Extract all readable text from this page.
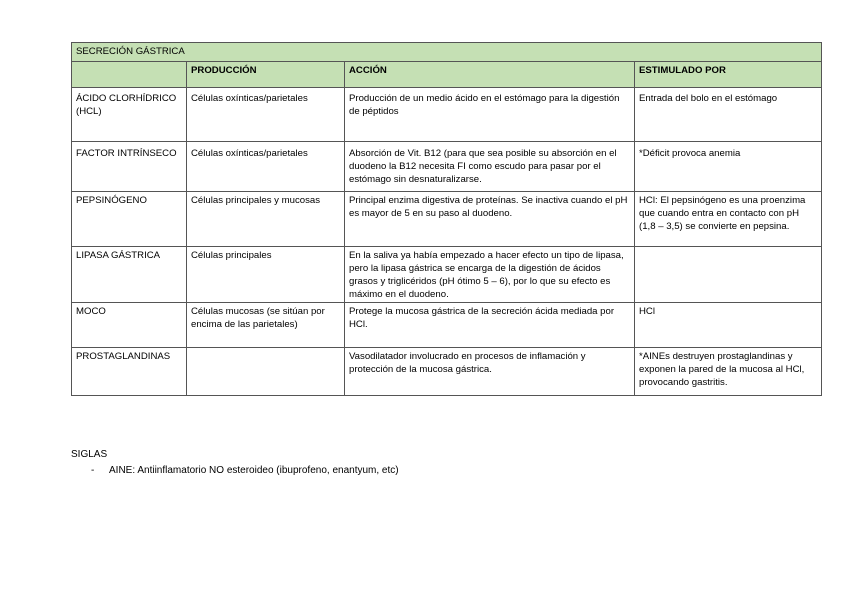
SECRECIÓN GÁSTRICA			
	PRODUCCIÓN	ACCIÓN	ESTIMULADO POR
ÁCIDO CLORHÍDRICO (HCL)	Células oxínticas/parietales	Producción de un medio ácido en el estómago para la digestión de péptidos	Entrada del bolo en el estómago
FACTOR INTRÍNSECO	Células oxínticas/parietales	Absorción de Vit. B12 (para que sea posible su absorción en el duodeno la B12 necesita FI como escudo para pasar por el estómago sin desnaturalizarse.	*Déficit provoca anemia
PEPSINÓGENO	Células principales y mucosas	Principal enzima digestiva de proteínas. Se inactiva cuando el pH es mayor de 5 en su paso al duodeno.	HCl: El pepsinógeno es una proenzima que cuando entra en contacto con pH (1,8 – 3,5) se convierte en pepsina.
LIPASA GÁSTRICA	Células principales	En la saliva ya había empezado a hacer efecto un tipo de lipasa, pero la lipasa gástrica se encarga de la digestión de ácidos grasos y triglicéridos (pH ótimo 5 – 6), por lo que su efecto es máximo en el duodeno.	
MOCO	Células mucosas (se sitúan por encima de las parietales)	Protege la mucosa gástrica de la secreción ácida mediada por HCl.	HCl
PROSTAGLANDINAS		Vasodilatador involucrado en procesos de inflamación y protección de la mucosa gástrica.	*AINEs destruyen prostaglandinas y exponen la pared de la mucosa al HCl, provocando gastritis.
SIGLAS
- AINE: Antiinflamatorio NO esteroideo (ibuprofeno, enantyum, etc)
